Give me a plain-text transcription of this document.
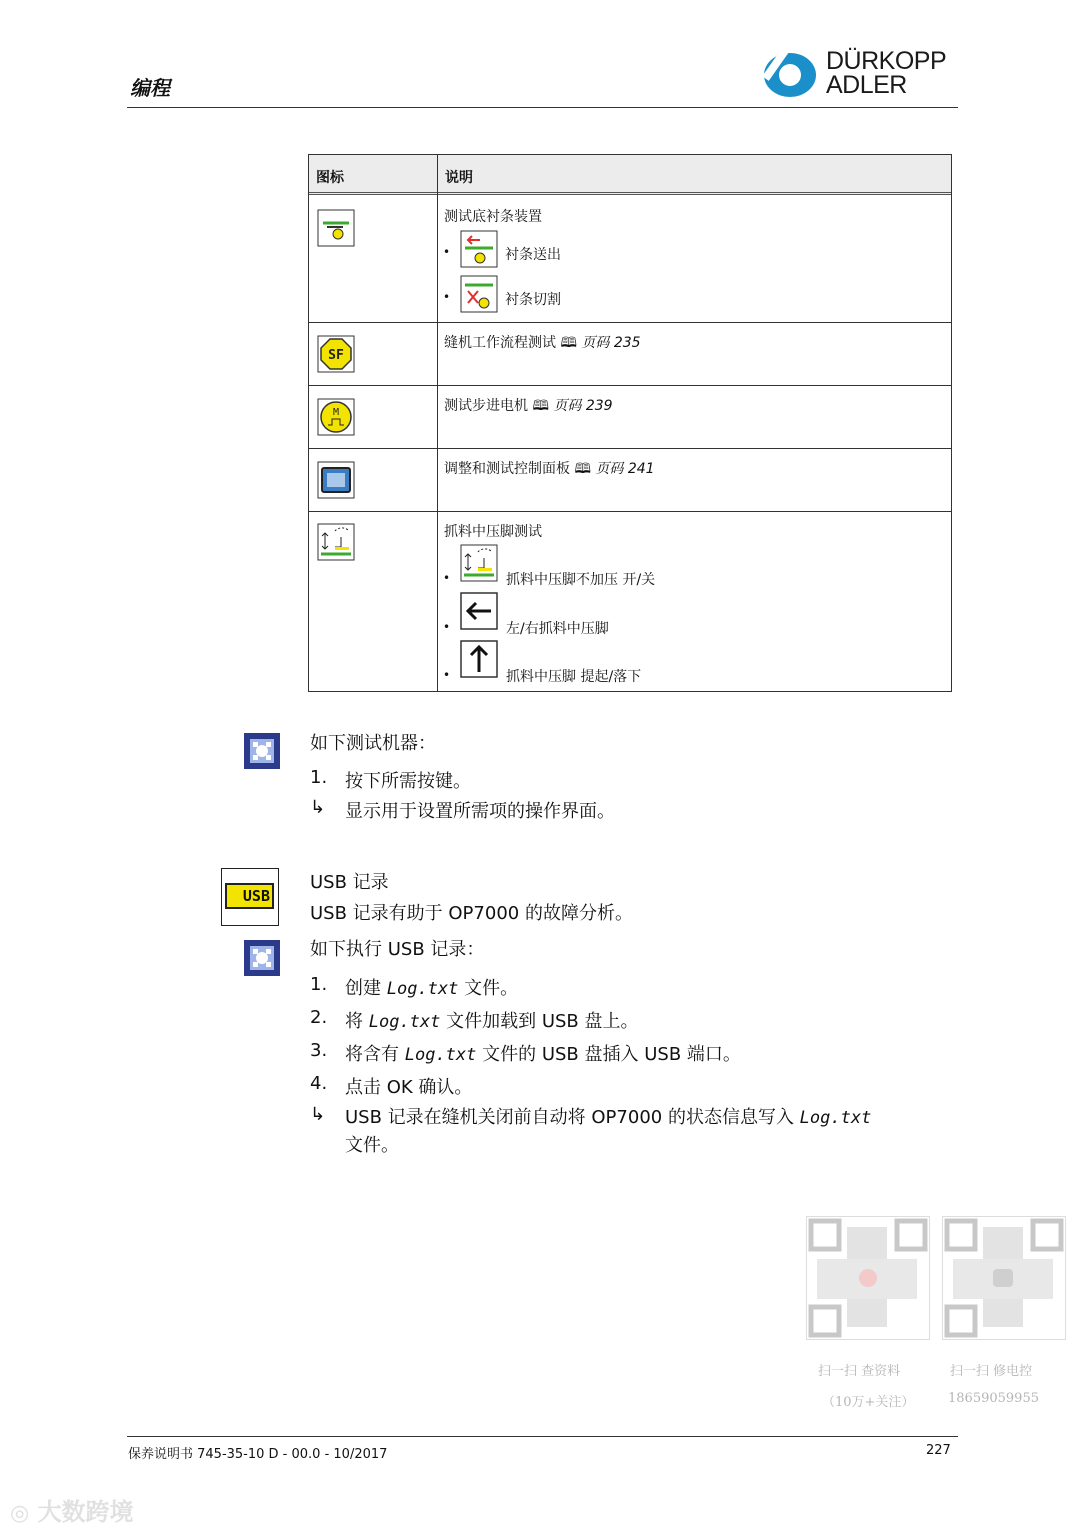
编程
DÜRKOPP
ADLER
图标	说明
测试底衬条装置
•	衬条送出
•	衬条切割
SF
缝机工作流程测试 🕮 页码 235
M	测试步进电机 🕮 页码 239
调整和测试控制面板 🕮 页码 241
抓料中压脚测试
•	抓料中压脚不加压 开/关
•	左/右抓料中压脚
•	抓料中压脚 提起/落下
如下测试机器：
1. 按下所需按键。
↳ 显示用于设置所需项的操作界面。
USB
USB 记录
USB 记录有助于 OP7000 的故障分析。
如下执行 USB 记录：
1. 创建 Log.txt 文件。
2. 将 Log.txt 文件加载到 USB 盘上。
3. 将含有 Log.txt 文件的 USB 盘插入 USB 端口。
4. 点击 OK 确认。
↳ USB 记录在缝机关闭前自动将 OP7000 的状态信息写入 Log.txt
文件。
扫一扫 查资料
（10万+关注）
扫一扫 修电控
18659059955
保养说明书 745-35-10 D - 00.0 - 10/2017	227
◎ 大数跨境
